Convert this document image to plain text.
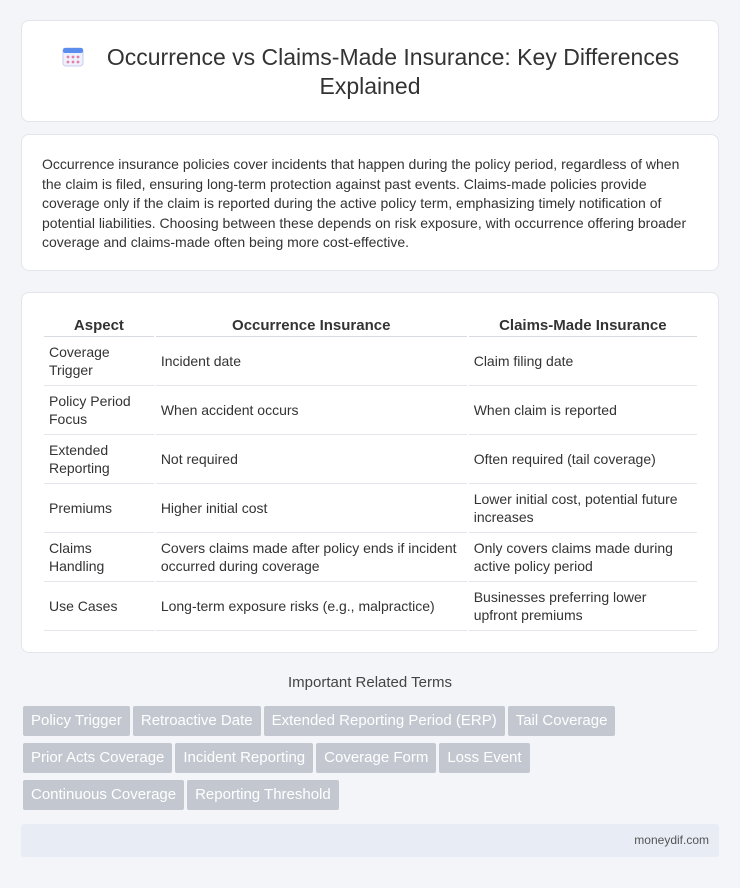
Occurrence vs Claims-Made Insurance: Key Differences Explained

Occurrence insurance policies cover incidents that happen during the policy period, regardless of when the claim is filed, ensuring long-term protection against past events. Claims-made policies provide coverage only if the claim is reported during the active policy term, emphasizing timely notification of potential liabilities. Choosing between these depends on risk exposure, with occurrence offering broader coverage and claims-made often being more cost-effective.

Aspect	Occurrence Insurance	Claims-Made Insurance
Coverage Trigger	Incident date	Claim filing date
Policy Period Focus	When accident occurs	When claim is reported
Extended Reporting	Not required	Often required (tail coverage)
Premiums	Higher initial cost	Lower initial cost, potential future increases
Claims Handling	Covers claims made after policy ends if incident occurred during coverage	Only covers claims made during active policy period
Use Cases	Long-term exposure risks (e.g., malpractice)	Businesses preferring lower upfront premiums
Important Related Terms
Policy Trigger Retroactive Date Extended Reporting Period (ERP) Tail Coverage
Prior Acts Coverage Incident Reporting Coverage Form Loss Event
Continuous Coverage Reporting Threshold
moneydif.com
